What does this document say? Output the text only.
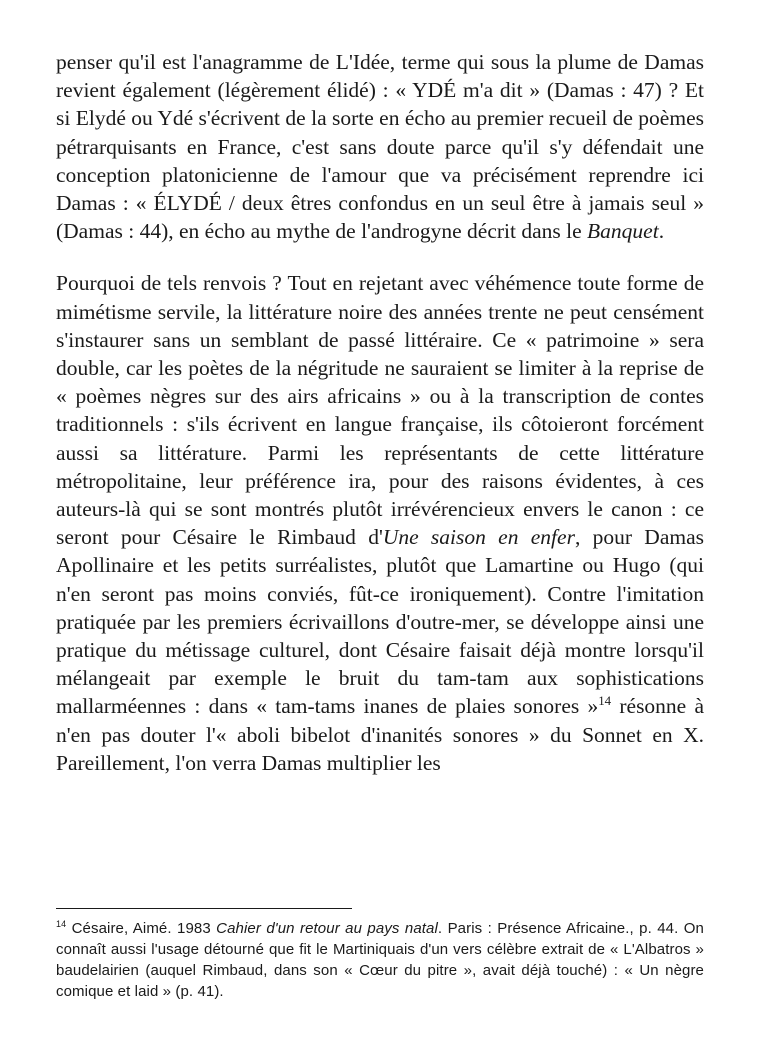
penser qu'il est l'anagramme de L'Idée, terme qui sous la plume de Damas revient également (légèrement élidé) : « YDÉ m'a dit » (Damas : 47) ? Et si Elydé ou Ydé s'écrivent de la sorte en écho au premier recueil de poèmes pétrarquisants en France, c'est sans doute parce qu'il s'y défendait une conception platonicienne de l'amour que va précisément reprendre ici Damas : « ÉLYDÉ / deux êtres confondus en un seul être à jamais seul » (Damas : 44), en écho au mythe de l'androgyne décrit dans le Banquet.

Pourquoi de tels renvois ? Tout en rejetant avec véhémence toute forme de mimétisme servile, la littérature noire des années trente ne peut censément s'instaurer sans un semblant de passé littéraire. Ce « patrimoine » sera double, car les poètes de la négritude ne sauraient se limiter à la reprise de « poèmes nègres sur des airs africains » ou à la transcription de contes traditionnels : s'ils écrivent en langue française, ils côtoieront forcément aussi sa littérature. Parmi les représentants de cette littérature métropolitaine, leur préférence ira, pour des raisons évidentes, à ces auteurs-là qui se sont montrés plutôt irrévérencieux envers le canon : ce seront pour Césaire le Rimbaud d'Une saison en enfer, pour Damas Apollinaire et les petits surréalistes, plutôt que Lamartine ou Hugo (qui n'en seront pas moins conviés, fût-ce ironiquement). Contre l'imitation pratiquée par les premiers écrivaillons d'outre-mer, se développe ainsi une pratique du métissage culturel, dont Césaire faisait déjà montre lorsqu'il mélangeait par exemple le bruit du tam-tam aux sophistications mallarméennes : dans « tam-tams inanes de plaies sonores »$^{14}$ résonne à n'en pas douter l'« aboli bibelot d'inanités sonores » du Sonnet en X. Pareillement, l'on verra Damas multiplier les

$^{14}$ Césaire, Aimé. 1983 Cahier d'un retour au pays natal. Paris : Présence Africaine., p. 44. On connaît aussi l'usage détourné que fit le Martiniquais d'un vers célèbre extrait de « L'Albatros » baudelairien (auquel Rimbaud, dans son « Cœur du pitre », avait déjà touché) : « Un nègre comique et laid » (p. 41).
